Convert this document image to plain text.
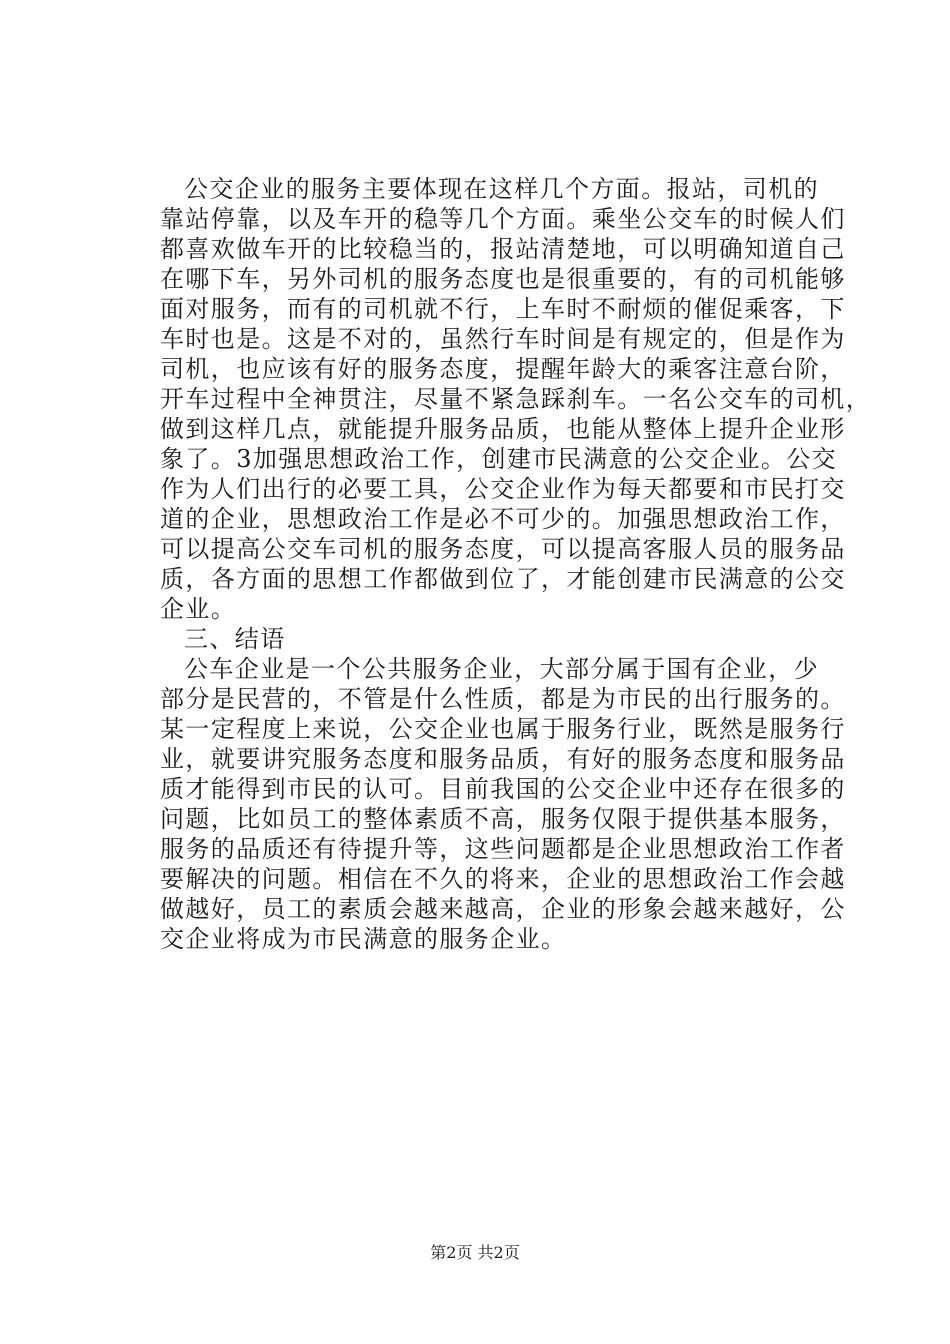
公交企业的服务主要体现在这样几个方面。报站，司机的
靠站停靠，以及车开的稳等几个方面。乘坐公交车的时候人们
都喜欢做车开的比较稳当的，报站清楚地，可以明确知道自己
在哪下车，另外司机的服务态度也是很重要的，有的司机能够
面对服务，而有的司机就不行，上车时不耐烦的催促乘客，下
车时也是。这是不对的，虽然行车时间是有规定的，但是作为
司机，也应该有好的服务态度，提醒年龄大的乘客注意台阶，
开车过程中全神贯注，尽量不紧急踩刹车。一名公交车的司机，
做到这样几点，就能提升服务品质，也能从整体上提升企业形
象了。3加强思想政治工作，创建市民满意的公交企业。公交
作为人们出行的必要工具，公交企业作为每天都要和市民打交
道的企业，思想政治工作是必不可少的。加强思想政治工作，
可以提高公交车司机的服务态度，可以提高客服人员的服务品
质，各方面的思想工作都做到位了，才能创建市民满意的公交
企业。
三、结语
公车企业是一个公共服务企业，大部分属于国有企业，少
部分是民营的，不管是什么性质，都是为市民的出行服务的。
某一定程度上来说，公交企业也属于服务行业，既然是服务行
业，就要讲究服务态度和服务品质，有好的服务态度和服务品
质才能得到市民的认可。目前我国的公交企业中还存在很多的
问题，比如员工的整体素质不高，服务仅限于提供基本服务，
服务的品质还有待提升等，这些问题都是企业思想政治工作者
要解决的问题。相信在不久的将来，企业的思想政治工作会越
做越好，员工的素质会越来越高，企业的形象会越来越好，公
交企业将成为市民满意的服务企业。
第2页 共2页
